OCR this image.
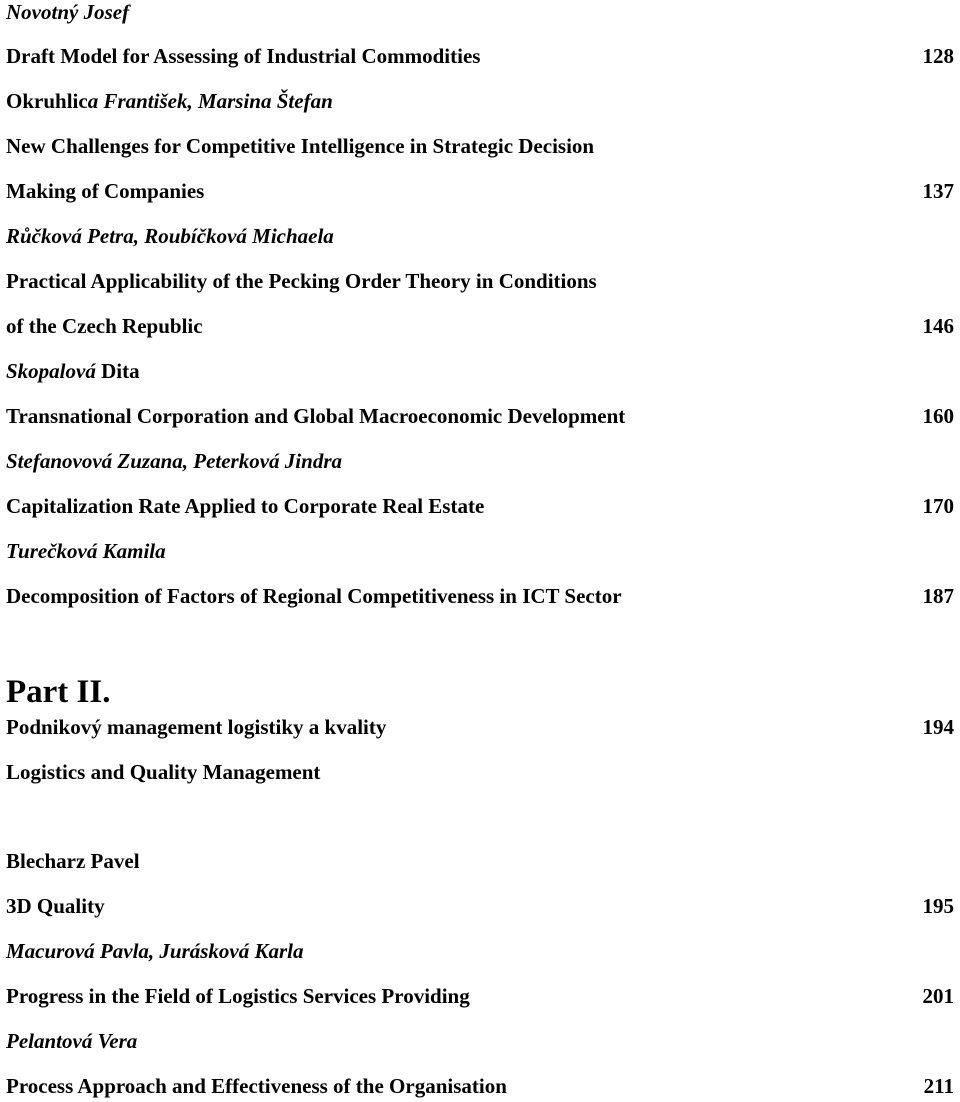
Novotný Josef
Draft Model for Assessing of Industrial Commodities	128
Okruhlica František, Marsina Štefan
New Challenges for Competitive Intelligence in Strategic Decision
Making of Companies	137
Růčková Petra, Roubíčková Michaela
Practical Applicability of the Pecking Order Theory in Conditions
of the Czech Republic	146
Skopalová Dita
Transnational Corporation and Global Macroeconomic Development	160
Stefanovová Zuzana, Peterková Jindra
Capitalization Rate Applied to Corporate Real Estate	170
Turečková Kamila
Decomposition of Factors of Regional Competitiveness in ICT Sector	187
Part II.
Podnikový management logistiky a kvality	194
Logistics and Quality Management
Blecharz Pavel
3D Quality	195
Macurová Pavla, Jurásková Karla
Progress in the Field of Logistics Services Providing	201
Pelantová Vera
Process Approach and Effectiveness of the Organisation	211
